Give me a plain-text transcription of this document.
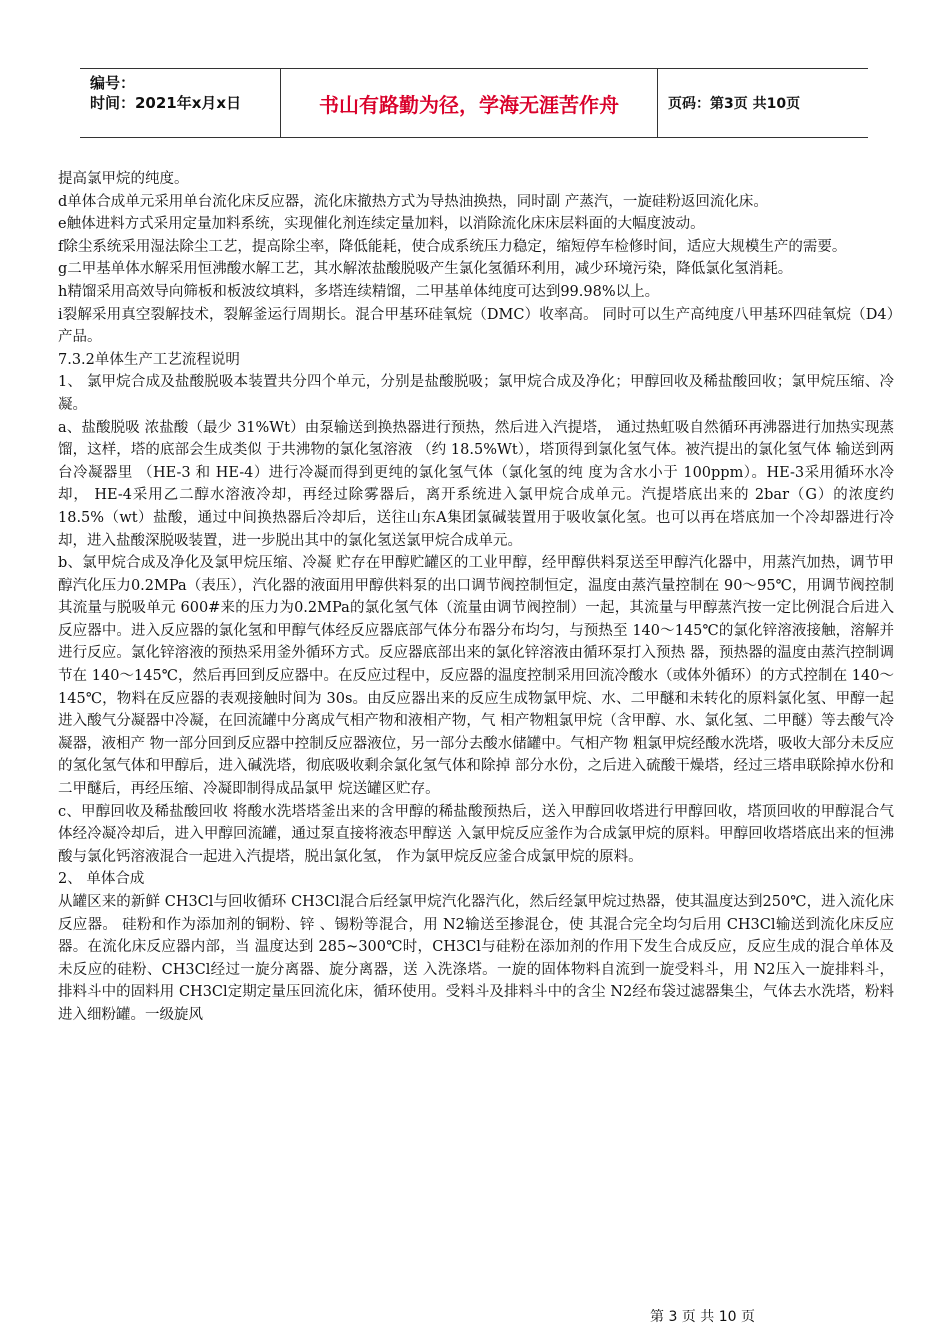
编号：
时间：2021年x月x日	书山有路勤为径，学海无涯苦作舟	页码：第3页 共10页

提高氯甲烷的纯度。

d单体合成单元采用单台流化床反应器，流化床撤热方式为导热油换热，同时副 产蒸汽，一旋硅粉返回流化床。

e触体进料方式采用定量加料系统，实现催化剂连续定量加料，以消除流化床床层料面的大幅度波动。

f除尘系统采用湿法除尘工艺，提高除尘率，降低能耗，使合成系统压力稳定，缩短停车检修时间，适应大规模生产的需要。

g二甲基单体水解采用恒沸酸水解工艺，其水解浓盐酸脱吸产生氯化氢循环利用，减少环境污染，降低氯化氢消耗。

h精馏采用高效导向筛板和板波纹填料，多塔连续精馏，二甲基单体纯度可达到99.98%以上。

i裂解采用真空裂解技术，裂解釜运行周期长。混合甲基环硅氧烷（DMC）收率高。 同时可以生产高纯度八甲基环四硅氧烷（D4）产品。

7.3.2单体生产工艺流程说明

1、 氯甲烷合成及盐酸脱吸本装置共分四个单元，分别是盐酸脱吸；氯甲烷合成及净化；甲醇回收及稀盐酸回收；氯甲烷压缩、冷凝。

a、盐酸脱吸 浓盐酸（最少 31%Wt）由泵输送到换热器进行预热，然后进入汽提塔， 通过热虹吸自然循环再沸器进行加热实现蒸馏，这样，塔的底部会生成类似 于共沸物的氯化氢溶液 （约 18.5%Wt），塔顶得到氯化氢气体。被汽提出的氯化氢气体 输送到两台冷凝器里 （HE-3 和 HE-4）进行冷凝而得到更纯的氯化氢气体（氯化氢的纯 度为含水小于 100ppm）。HE-3采用循环水冷却， HE-4采用乙二醇水溶液冷却，再经过除雾器后，离开系统进入氯甲烷合成单元。汽提塔底出来的 2bar（G）的浓度约 18.5%（wt）盐酸，通过中间换热器后冷却后，送往山东A集团氯碱装置用于吸收氯化氢。也可以再在塔底加一个冷却器进行冷却，进入盐酸深脱吸装置，进一步脱出其中的氯化氢送氯甲烷合成单元。

b、氯甲烷合成及净化及氯甲烷压缩、冷凝 贮存在甲醇贮罐区的工业甲醇，经甲醇供料泵送至甲醇汽化器中，用蒸汽加热，调节甲醇汽化压力0.2MPa（表压），汽化器的液面用甲醇供料泵的出口调节阀控制恒定，温度由蒸汽量控制在 90～95℃，用调节阀控制其流量与脱吸单元 600#来的压力为0.2MPa的氯化氢气体（流量由调节阀控制）一起，其流量与甲醇蒸汽按一定比例混合后进入反应器中。进入反应器的氯化氢和甲醇气体经反应器底部气体分布器分布均匀，与预热至 140～145℃的氯化锌溶液接触，溶解并进行反应。氯化锌溶液的预热采用釜外循环方式。反应器底部出来的氯化锌溶液由循环泵打入预热 器，预热器的温度由蒸汽控制调节在 140～145℃，然后再回到反应器中。在反应过程中，反应器的温度控制采用回流冷酸水（或体外循环）的方式控制在 140～145℃，物料在反应器的表观接触时间为 30s。由反应器出来的反应生成物氯甲烷、水、二甲醚和未转化的原料氯化氢、甲醇一起进入酸气分凝器中冷凝，在回流罐中分离成气相产物和液相产物，气 相产物粗氯甲烷（含甲醇、水、氯化氢、二甲醚）等去酸气冷凝器，液相产 物一部分回到反应器中控制反应器液位，另一部分去酸水储罐中。气相产物 粗氯甲烷经酸水洗塔，吸收大部分未反应的氢化氢气体和甲醇后，进入碱洗塔，彻底吸收剩余氯化氢气体和除掉 部分水份，之后进入硫酸干燥塔，经过三塔串联除掉水份和二甲醚后，再经压缩、冷凝即制得成品氯甲 烷送罐区贮存。

c、甲醇回收及稀盐酸回收 将酸水洗塔塔釜出来的含甲醇的稀盐酸预热后，送入甲醇回收塔进行甲醇回收，塔顶回收的甲醇混合气体经冷凝冷却后，进入甲醇回流罐，通过泵直接将液态甲醇送 入氯甲烷反应釜作为合成氯甲烷的原料。甲醇回收塔塔底出来的恒沸酸与氯化钙溶液混合一起进入汽提塔，脱出氯化氢， 作为氯甲烷反应釜合成氯甲烷的原料。

2、 单体合成

从罐区来的新鲜 CH3Cl与回收循环 CH3Cl混合后经氯甲烷汽化器汽化，然后经氯甲烷过热器，使其温度达到250℃，进入流化床反应器。 硅粉和作为添加剂的铜粉、锌 、锡粉等混合，用 N2输送至掺混仓，使 其混合完全均匀后用 CH3Cl输送到流化床反应器。在流化床反应器内部，当 温度达到 285~300℃时，CH3Cl与硅粉在添加剂的作用下发生合成反应，反应生成的混合单体及未反应的硅粉、CH3Cl经过一旋分离器、旋分离器，送 入洗涤塔。一旋的固体物料自流到一旋受料斗，用 N2压入一旋排料斗， 排料斗中的固料用 CH3Cl定期定量压回流化床，循环使用。受料斗及排料斗中的含尘 N2经布袋过滤器集尘，气体去水洗塔，粉料进入细粉罐。一级旋风

第 3 页 共 10 页
